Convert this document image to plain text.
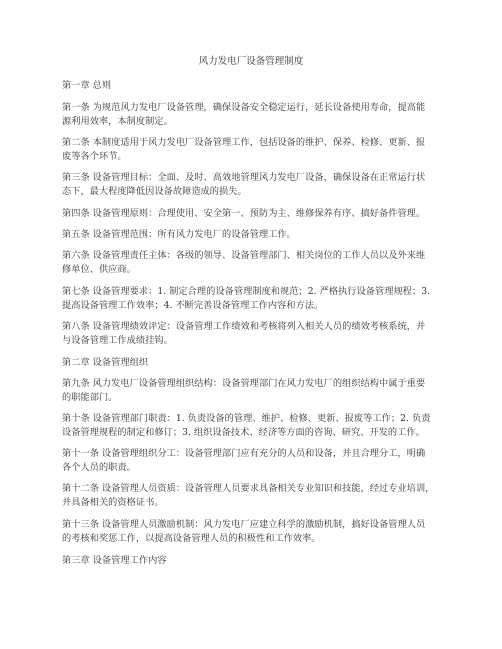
风力发电厂设备管理制度
第一章 总则
第一条 为规范风力发电厂设备管理，确保设备安全稳定运行，延长设备使用寿命，提高能
源利用效率，本制度制定。
第二条 本制度适用于风力发电厂设备管理工作，包括设备的维护、保养、检修、更新、报
废等各个环节。
第三条 设备管理目标：全面、及时、高效地管理风力发电厂设备，确保设备在正常运行状
态下，最大程度降低因设备故障造成的损失。
第四条 设备管理原则：合理使用、安全第一、预防为主、维修保养有序、搞好备件管理。
第五条 设备管理范围：所有风力发电厂的设备管理工作。
第六条 设备管理责任主体：各级的领导、设备管理部门、相关岗位的工作人员以及外来维
修单位、供应商。
第七条 设备管理要求：1. 制定合理的设备管理制度和规范；2. 严格执行设备管理规程；3.
提高设备管理工作效率；4. 不断完善设备管理工作内容和方法。
第八条 设备管理绩效评定：设备管理工作绩效和考核将列入相关人员的绩效考核系统，并
与设备管理工作成绩挂钩。
第二章 设备管理组织
第九条 风力发电厂设备管理组织结构：设备管理部门在风力发电厂的组织结构中属于重要
的职能部门。
第十条 设备管理部门职责：1. 负责设备的管理、维护、检修、更新、报废等工作；2. 负责
设备管理规程的制定和修订；3. 组织设备技术、经济等方面的咨询、研究、开发的工作。
第十一条 设备管理组织分工：设备管理部门应有充分的人员和设备，并且合理分工，明确
各个人员的职责。
第十二条 设备管理人员资质：设备管理人员要求具备相关专业知识和技能，经过专业培训，
并具备相关的资格证书。
第十三条 设备管理人员激励机制：风力发电厂应建立科学的激励机制，搞好设备管理人员
的考核和奖惩工作，以提高设备管理人员的积极性和工作效率。
第三章 设备管理工作内容
